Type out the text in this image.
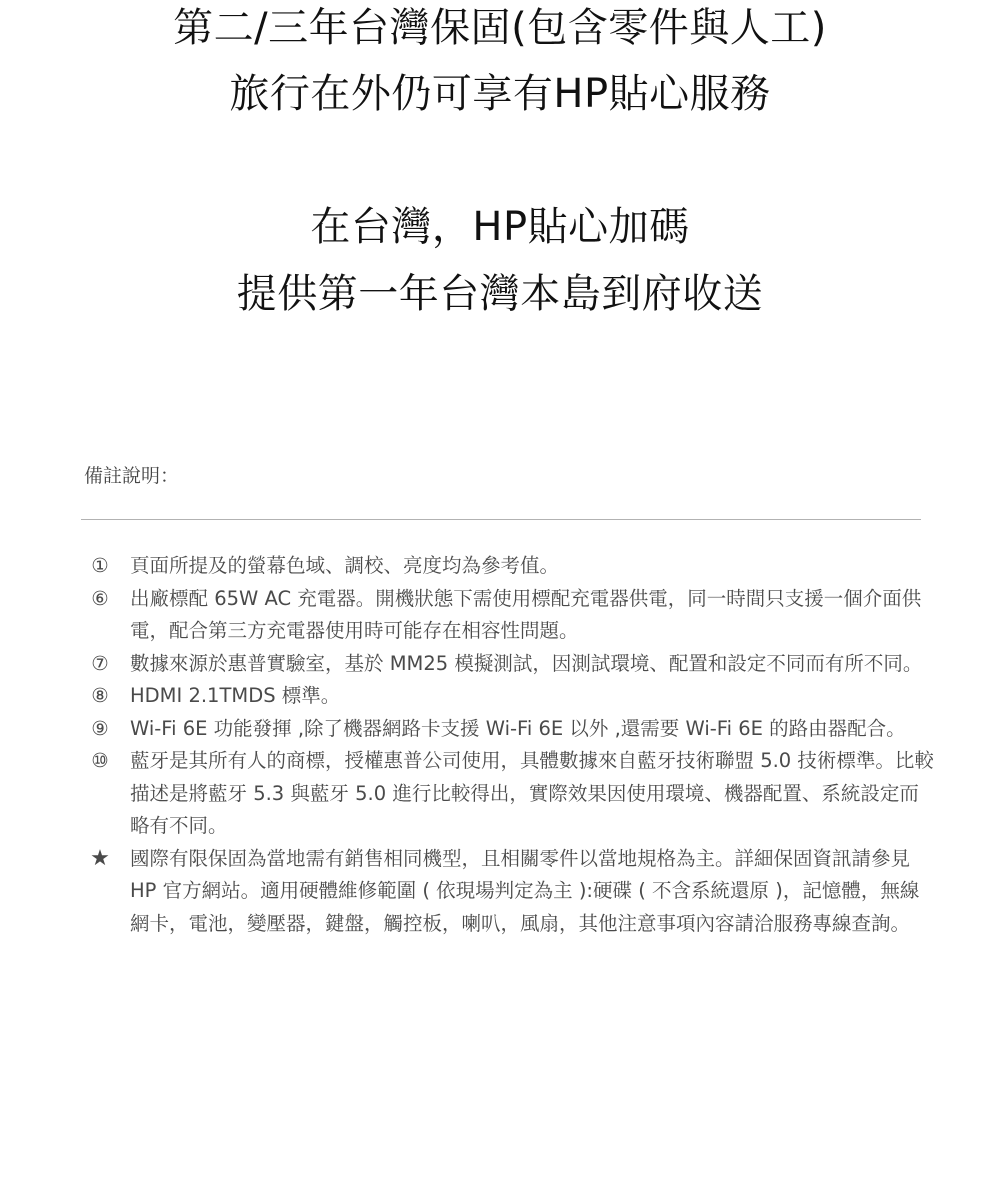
第二/三年台灣保固(包含零件與人工)
旅行在外仍可享有HP貼心服務
在台灣，HP貼心加碼
提供第一年台灣本島到府收送
備註說明：
①	頁面所提及的螢幕色域、調校、亮度均為參考值。
⑥	出廠標配 65W AC 充電器。開機狀態下需使用標配充電器供電，同一時間只支援一個介面供電，配合第三方充電器使用時可能存在相容性問題。
⑦	數據來源於惠普實驗室，基於 MM25 模擬測試，因測試環境、配置和設定不同而有所不同。
⑧	HDMI 2.1TMDS 標準。
⑨	Wi-Fi 6E 功能發揮 ,除了機器網路卡支援 Wi-Fi 6E 以外 ,還需要 Wi-Fi 6E 的路由器配合。
⑩	藍牙是其所有人的商標，授權惠普公司使用，具體數據來自藍牙技術聯盟 5.0 技術標準。比較描述是將藍牙 5.3 與藍牙 5.0 進行比較得出，實際效果因使用環境、機器配置、系統設定而略有不同。
★	國際有限保固為當地需有銷售相同機型，且相關零件以當地規格為主。詳細保固資訊請參見 HP 官方網站。適用硬體維修範圍 ( 依現場判定為主 ):硬碟 ( 不含系統還原 )，記憶體，無線網卡，電池，變壓器，鍵盤，觸控板，喇叭，風扇，其他注意事項內容請洽服務專線查詢。
